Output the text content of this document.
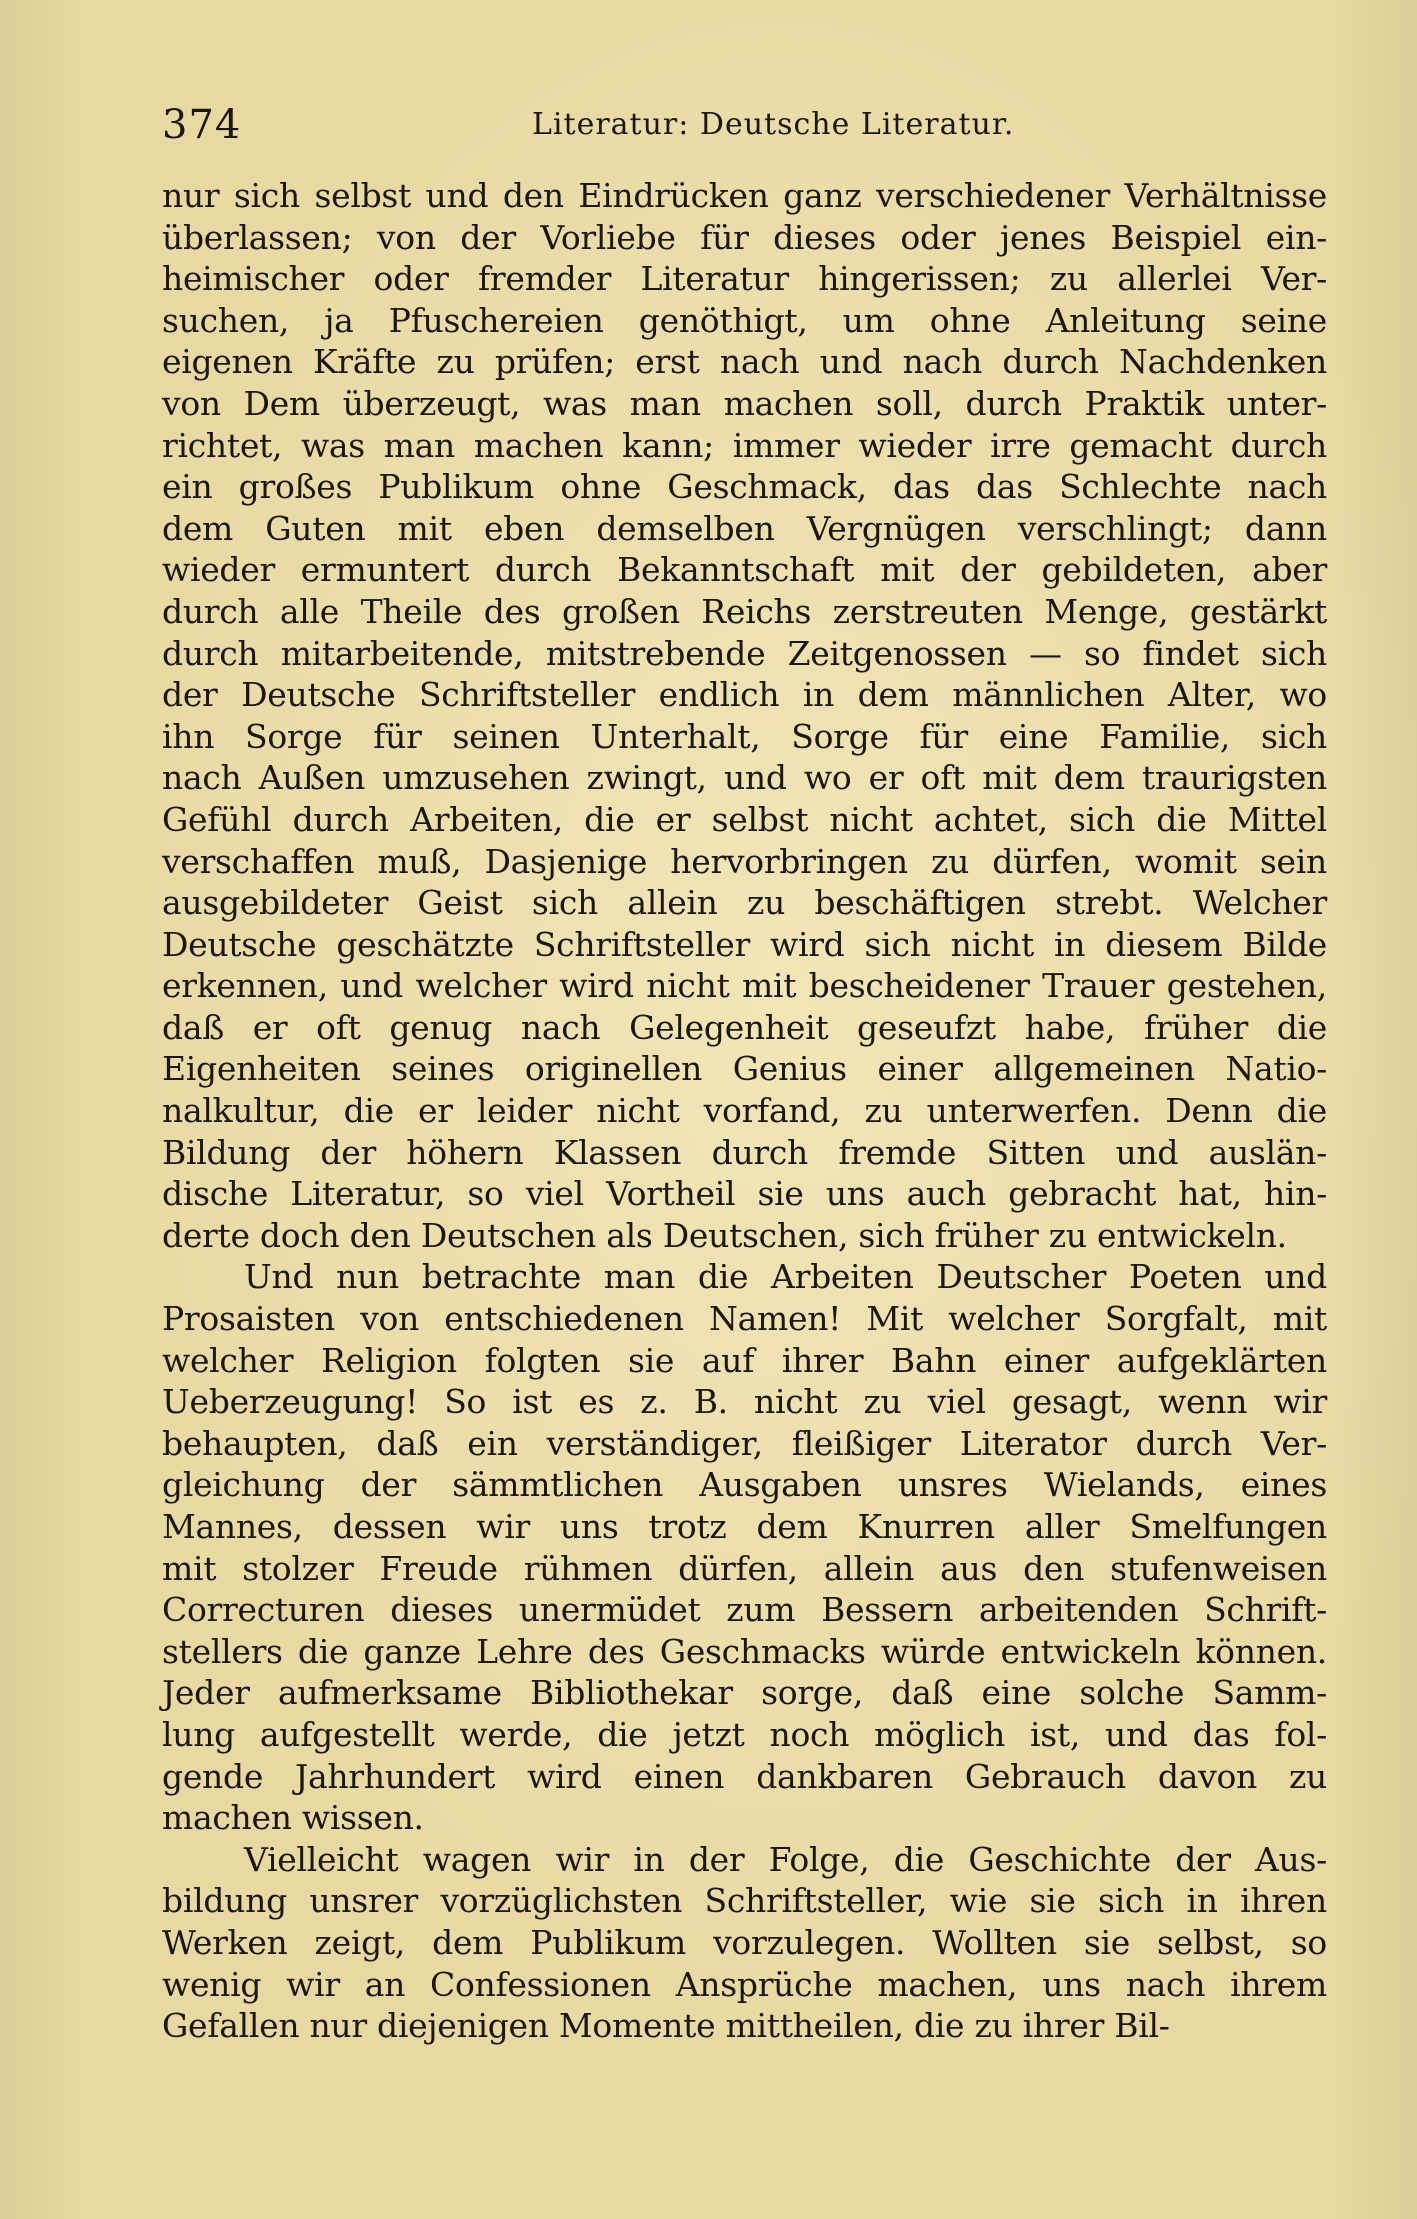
374	Literatur: Deutsche Literatur.
nur sich selbst und den Eindrücken ganz verschiedener Verhältnisse
überlassen; von der Vorliebe für dieses oder jenes Beispiel ein-
heimischer oder fremder Literatur hingerissen; zu allerlei Ver-
suchen, ja Pfuschereien genöthigt, um ohne Anleitung seine
eigenen Kräfte zu prüfen; erst nach und nach durch Nachdenken
von Dem überzeugt, was man machen soll, durch Praktik unter-
richtet, was man machen kann; immer wieder irre gemacht durch
ein großes Publikum ohne Geschmack, das das Schlechte nach
dem Guten mit eben demselben Vergnügen verschlingt; dann
wieder ermuntert durch Bekanntschaft mit der gebildeten, aber
durch alle Theile des großen Reichs zerstreuten Menge, gestärkt
durch mitarbeitende, mitstrebende Zeitgenossen — so findet sich
der Deutsche Schriftsteller endlich in dem männlichen Alter, wo
ihn Sorge für seinen Unterhalt, Sorge für eine Familie, sich
nach Außen umzusehen zwingt, und wo er oft mit dem traurigsten
Gefühl durch Arbeiten, die er selbst nicht achtet, sich die Mittel
verschaffen muß, Dasjenige hervorbringen zu dürfen, womit sein
ausgebildeter Geist sich allein zu beschäftigen strebt. Welcher
Deutsche geschätzte Schriftsteller wird sich nicht in diesem Bilde
erkennen, und welcher wird nicht mit bescheidener Trauer gestehen,
daß er oft genug nach Gelegenheit geseufzt habe, früher die
Eigenheiten seines originellen Genius einer allgemeinen Natio-
nalkultur, die er leider nicht vorfand, zu unterwerfen. Denn die
Bildung der höhern Klassen durch fremde Sitten und auslän-
dische Literatur, so viel Vortheil sie uns auch gebracht hat, hin-
derte doch den Deutschen als Deutschen, sich früher zu entwickeln.
Und nun betrachte man die Arbeiten Deutscher Poeten und
Prosaisten von entschiedenen Namen! Mit welcher Sorgfalt, mit
welcher Religion folgten sie auf ihrer Bahn einer aufgeklärten
Ueberzeugung! So ist es z. B. nicht zu viel gesagt, wenn wir
behaupten, daß ein verständiger, fleißiger Literator durch Ver-
gleichung der sämmtlichen Ausgaben unsres Wielands, eines
Mannes, dessen wir uns trotz dem Knurren aller Smelfungen
mit stolzer Freude rühmen dürfen, allein aus den stufenweisen
Correcturen dieses unermüdet zum Bessern arbeitenden Schrift-
stellers die ganze Lehre des Geschmacks würde entwickeln können.
Jeder aufmerksame Bibliothekar sorge, daß eine solche Samm-
lung aufgestellt werde, die jetzt noch möglich ist, und das fol-
gende Jahrhundert wird einen dankbaren Gebrauch davon zu
machen wissen.
Vielleicht wagen wir in der Folge, die Geschichte der Aus-
bildung unsrer vorzüglichsten Schriftsteller, wie sie sich in ihren
Werken zeigt, dem Publikum vorzulegen. Wollten sie selbst, so
wenig wir an Confessionen Ansprüche machen, uns nach ihrem
Gefallen nur diejenigen Momente mittheilen, die zu ihrer Bil-
